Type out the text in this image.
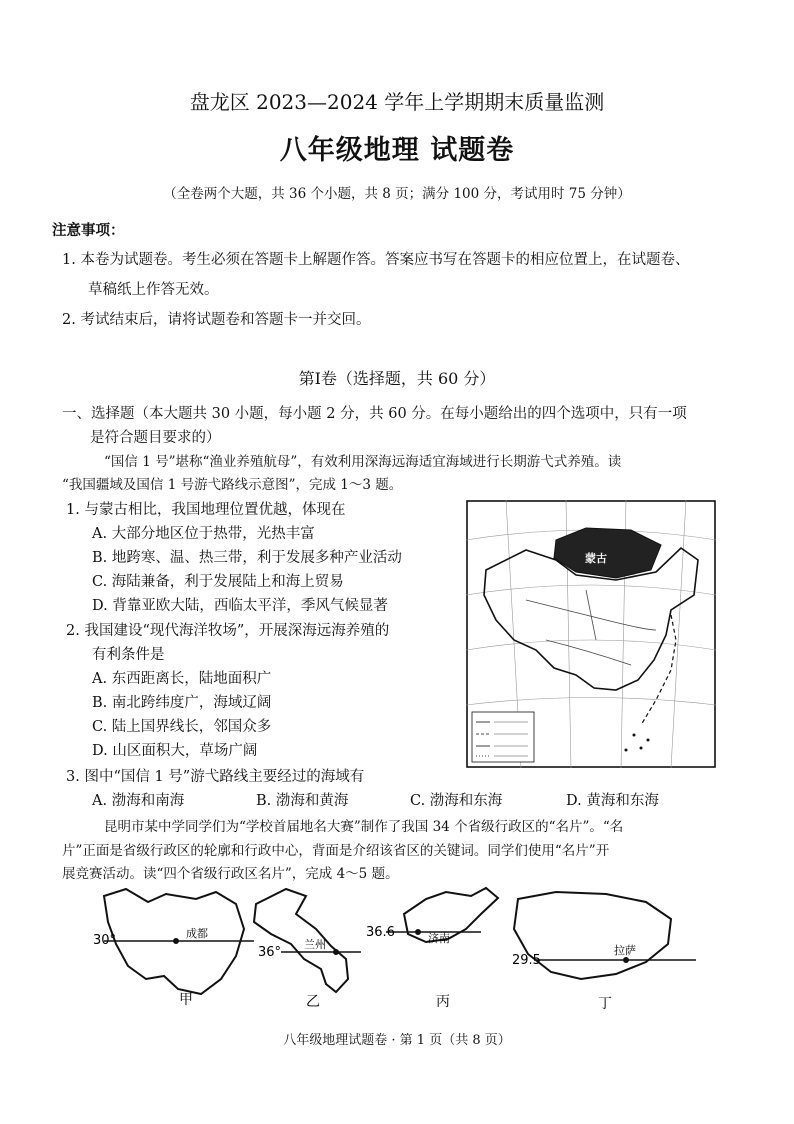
盘龙区 2023—2024 学年上学期期末质量监测
八年级地理 试题卷
（全卷两个大题，共 36 个小题，共 8 页；满分 100 分，考试用时 75 分钟）
注意事项：
1. 本卷为试题卷。考生必须在答题卡上解题作答。答案应书写在答题卡的相应位置上，在试题卷、
草稿纸上作答无效。
2. 考试结束后，请将试题卷和答题卡一并交回。
第Ⅰ卷（选择题，共 60 分）
一、选择题（本大题共 30 小题，每小题 2 分，共 60 分。在每小题给出的四个选项中，只有一项
是符合题目要求的）
“国信 1 号”堪称“渔业养殖航母”，有效利用深海远海适宜海域进行长期游弋式养殖。读
“我国疆域及国信 1 号游弋路线示意图”，完成 1～3 题。
1. 与蒙古相比，我国地理位置优越，体现在
A. 大部分地区位于热带，光热丰富
B. 地跨寒、温、热三带，利于发展多种产业活动
C. 海陆兼备，利于发展陆上和海上贸易
D. 背靠亚欧大陆，西临太平洋，季风气候显著
2. 我国建设“现代海洋牧场”，开展深海远海养殖的
有利条件是
A. 东西距离长，陆地面积广
B. 南北跨纬度广，海域辽阔
C. 陆上国界线长，邻国众多
D. 山区面积大，草场广阔
3. 图中“国信 1 号”游弋路线主要经过的海域有
A. 渤海和南海	B. 渤海和黄海	C. 渤海和东海	D. 黄海和东海
昆明市某中学同学们为“学校首届地名大赛”制作了我国 34 个省级行政区的“名片”。“名
片”正面是省级行政区的轮廓和行政中心，背面是介绍该省区的关键词。同学们使用“名片”开
展竞赛活动。读“四个省级行政区名片”，完成 4～5 题。
蒙古
30°	成都
甲
36°
兰州
乙
36.6	济南
丙
29.5
拉萨
丁
八年级地理试题卷 · 第 1 页（共 8 页）
